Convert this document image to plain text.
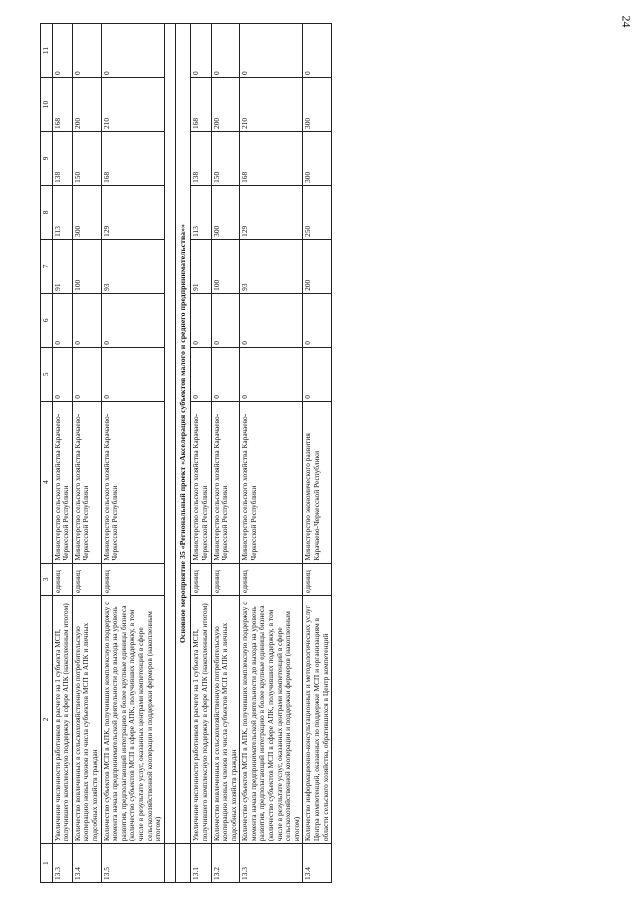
24
1	2	3	4	5	6	7	8	9	10	11
13.3	Увеличение численности работников в расчете на 1 субъекта МСП, получившего комплексную поддержку в сфере АПК (накопленным итогом)	единиц	Министерство сельского хозяйства Карачаево-Черкесской Республики	0	0	91	113	138	168	0
13.4	Количество вовлеченных в сельскохозяйственную потребительскую кооперацию новых членов из числа субъектов МСП в АПК и личных подсобных хозяйств граждан	единиц	Министерство сельского хозяйства Карачаево-Черкесской Республики	0	0	100	300	150	200	0
13.5	Количество субъектов МСП в АПК, получивших комплексную поддержку с момента начала предпринимательской деятельности до выхода на уровень развития, предполагающий интеграцию в более крупные единицы бизнеса (количество субъектов МСП в сфере АПК, получивших поддержку, в том числе в результате услуг, оказанных центрами компетенций в сфере сельскохозяйственной кооперации и поддержки фермеров (накопленным итогом)	единиц	Министерство сельского хозяйства Карачаево-Черкесской Республики	0	0	93	129	168	210	0

	Основное мероприятие 35 «Региональный проект «Акселерация субъектов малого и среднего предпринимательства»»									
13.1	Увеличение численности работников в расчете на 1 субъекта МСП, получившего комплексную поддержку в сфере АПК (накопленным итогом)	единиц	Министерство сельского хозяйства Карачаево-Черкесской Республики	0	0	91	113	138	168	0
13.2	Количество вовлеченных в сельскохозяйственную потребительскую кооперацию новых членов из числа субъектов МСП в АПК и личных подсобных хозяйств граждан	единиц	Министерство сельского хозяйства Карачаево-Черкесской Республики	0	0	100	300	150	200	0
13.3	Количество субъектов МСП в АПК, получивших комплексную поддержку с момента начала предпринимательской деятельности до выхода на уровень развития, предполагающий интеграцию в более крупные единицы бизнеса (количество субъектов МСП в сфере АПК, получивших поддержку, в том числе в результате услуг, оказанных центрами компетенций в сфере сельскохозяйственной кооперации и поддержки фермеров (накопленным итогом)	единиц	Министерство сельского хозяйства Карачаево-Черкесской Республики	0	0	93	129	168	210	0
13.4	Количество информационно-консультационных и методологических услуг Центра компетенций, оказанных по поддержке МСП и организациям в области сельского хозяйства, обратившихся в Центр компетенций	единиц	Министерство экономического развития Карачаево-Черкесской Республики	0	0	200	250	300	300	0
